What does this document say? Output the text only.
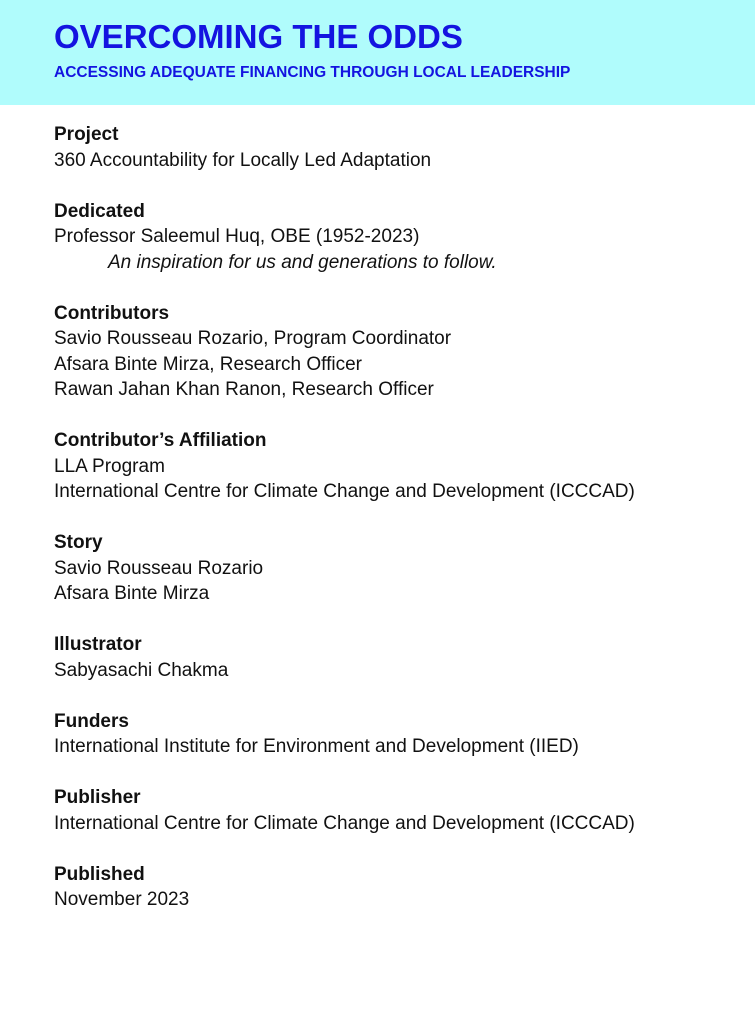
OVERCOMING THE ODDS
ACCESSING ADEQUATE FINANCING THROUGH LOCAL LEADERSHIP
Project
360 Accountability for Locally Led Adaptation
Dedicated
Professor Saleemul Huq, OBE (1952-2023)
An inspiration for us and generations to follow.
Contributors
Savio Rousseau Rozario, Program Coordinator
Afsara Binte Mirza, Research Officer
Rawan Jahan Khan Ranon, Research Officer
Contributor’s Affiliation
LLA Program
International Centre for Climate Change and Development (ICCCAD)
Story
Savio Rousseau Rozario
Afsara Binte Mirza
Illustrator
Sabyasachi Chakma
Funders
International Institute for Environment and Development (IIED)
Publisher
International Centre for Climate Change and Development (ICCCAD)
Published
November 2023
